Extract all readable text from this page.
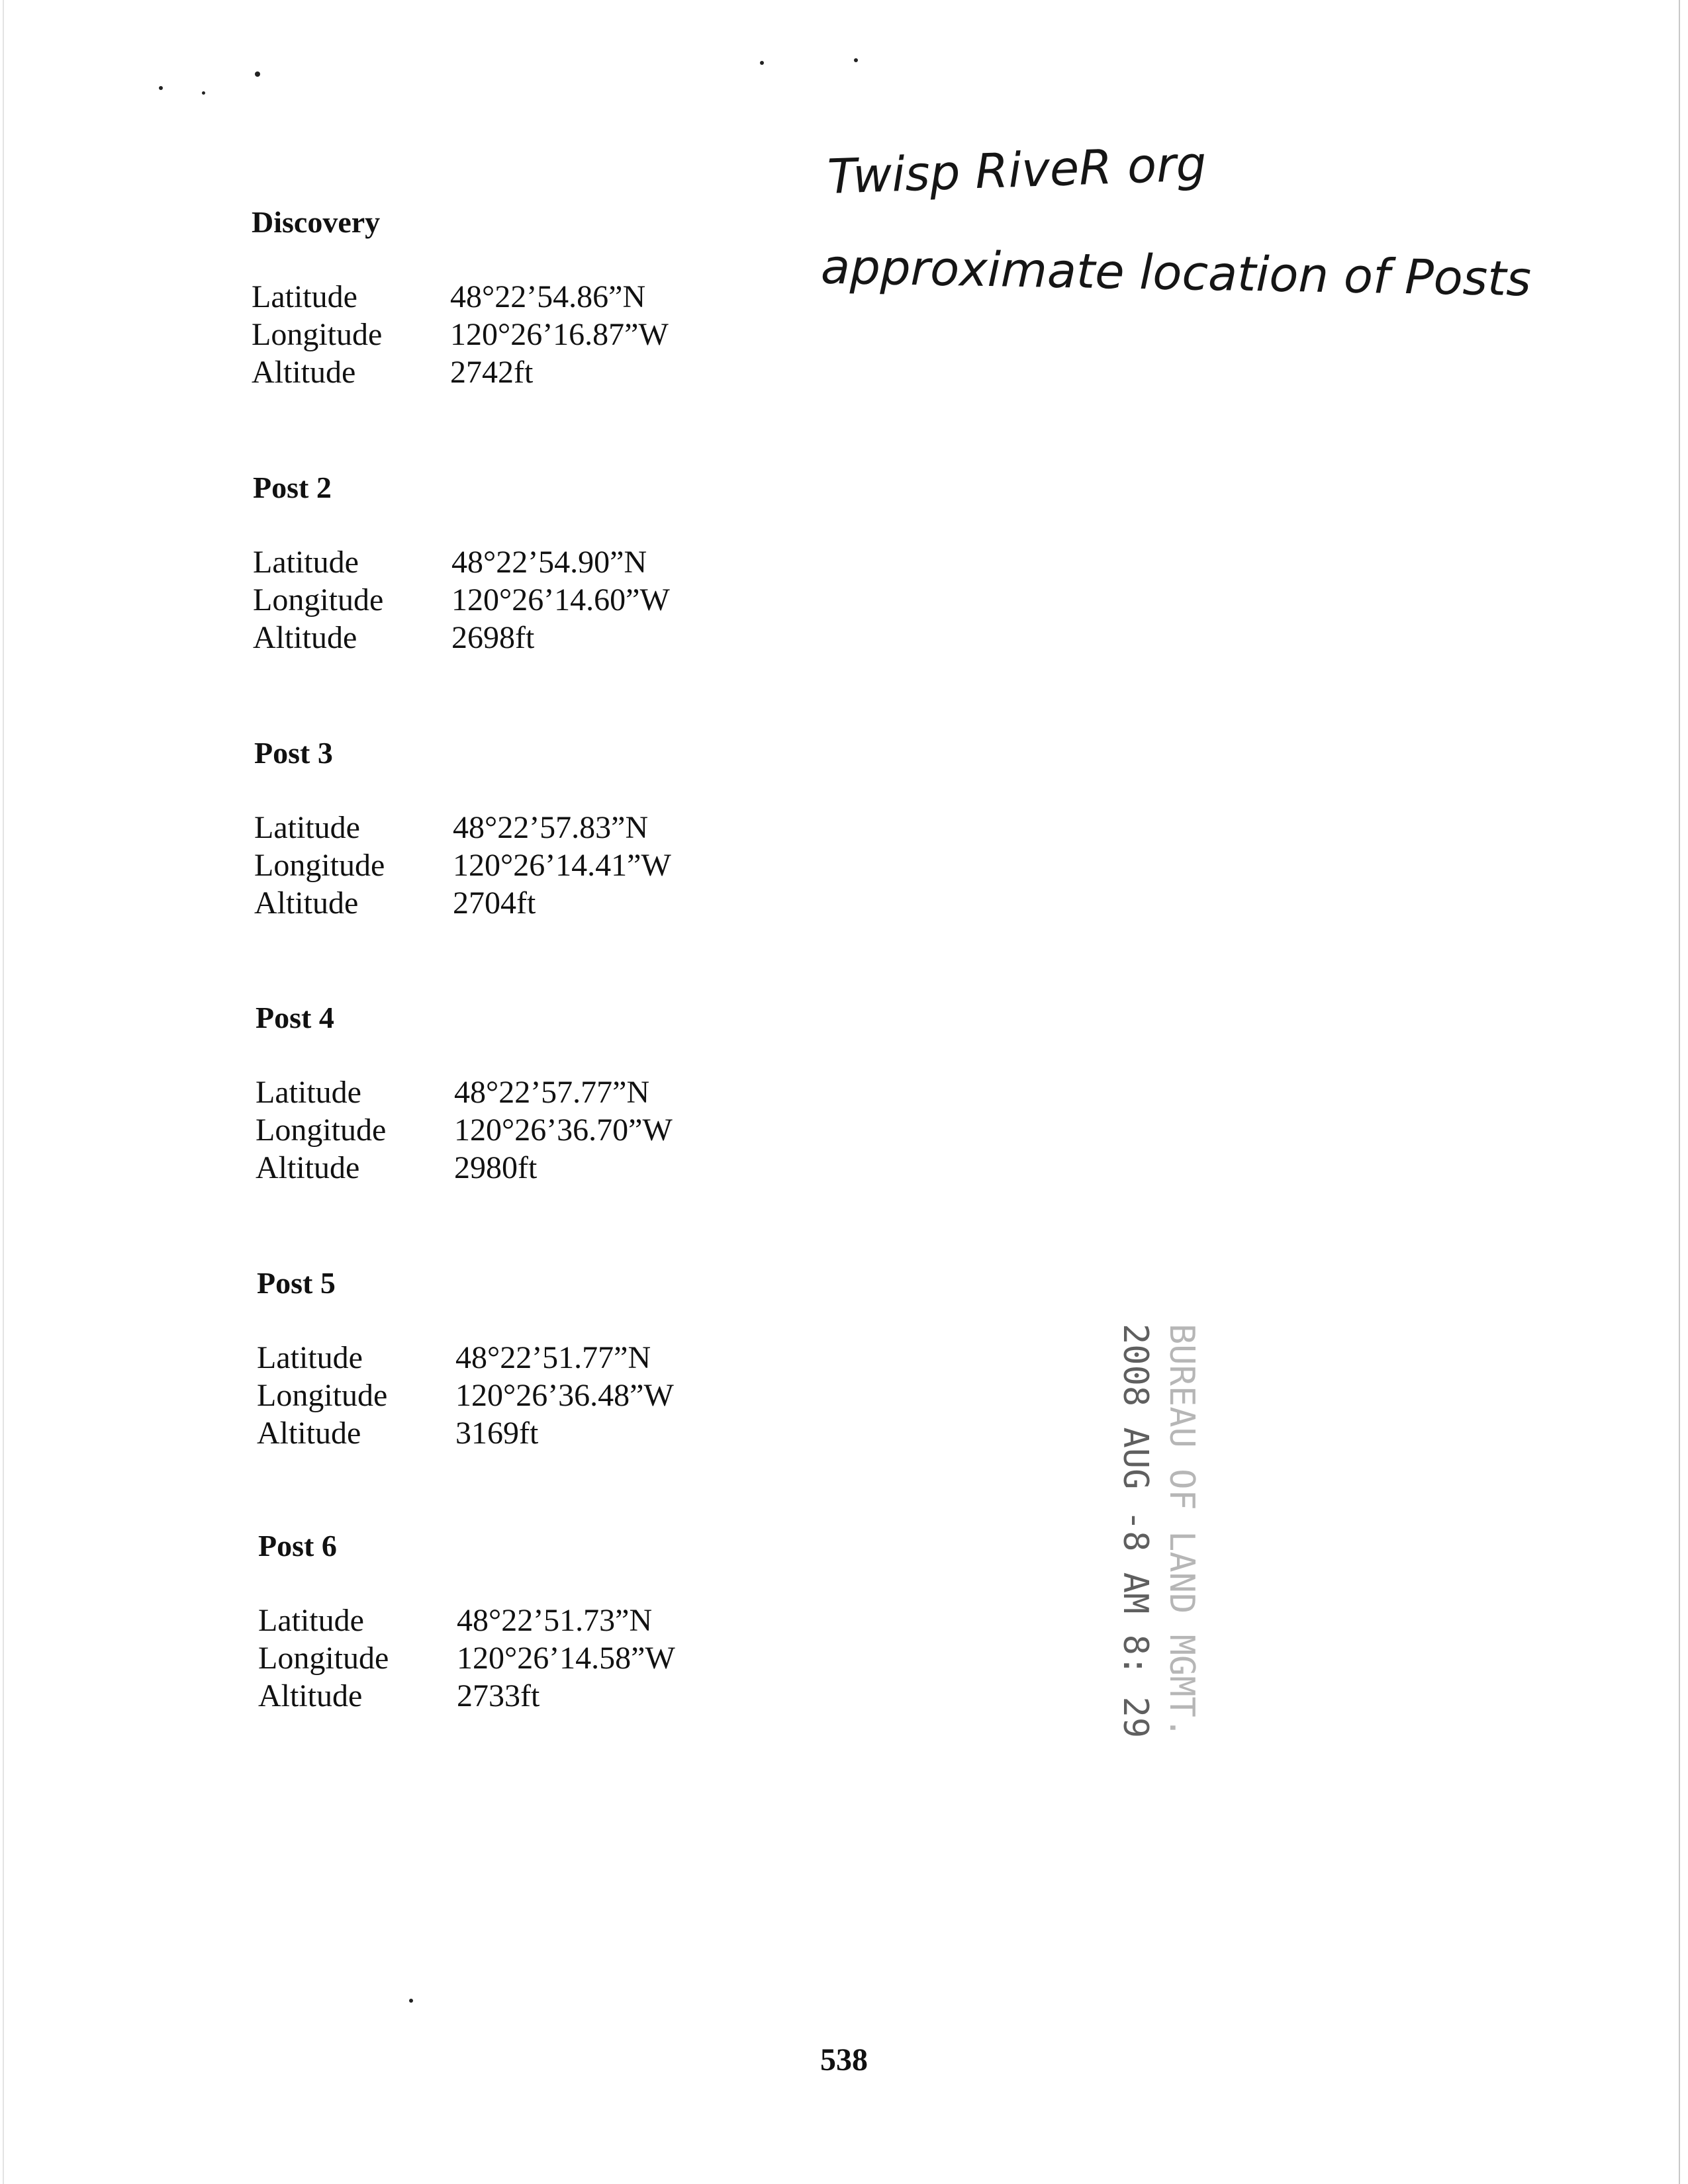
Twisp RiveR org
approximate location of Posts
Discovery
Latitude	48°22’54.86”N
Longitude	120°26’16.87”W
Altitude	2742ft
Post 2
Latitude	48°22’54.90”N
Longitude	120°26’14.60”W
Altitude	2698ft
Post 3
Latitude	48°22’57.83”N
Longitude	120°26’14.41”W
Altitude	2704ft
Post 4
Latitude	48°22’57.77”N
Longitude	120°26’36.70”W
Altitude	2980ft
Post 5
Latitude	48°22’51.77”N
Longitude	120°26’36.48”W
Altitude	3169ft
Post 6
Latitude	48°22’51.73”N
Longitude	120°26’14.58”W
Altitude	2733ft	BUREAU OF LAND MGMT.
2008 AUG -8 AM 8: 29
538
